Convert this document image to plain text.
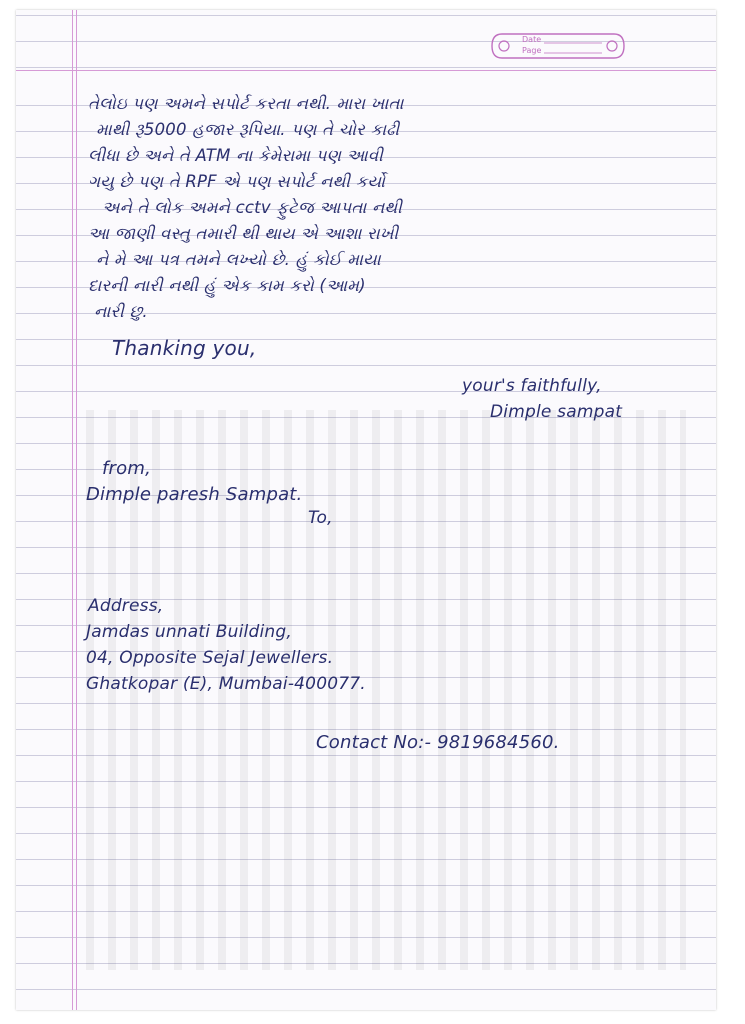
Date
Page
તેલોઇ પણ અમને સપોર્ટ કરતા નથી. મારા ખાતા
માથી રૂ5000 હજાર રૂપિયા. પણ તે ચોર કાઢી
લીધા છે અને તે ATM ના કેમેરામા પણ આવી
ગયુ છે પણ તે RPF એ પણ સપોર્ટ નથી કર્યો
અને તે લોક અમને cctv ફુટેજ આપતા નથી
આ જાણી વસ્તુ તમારી થી થાય એ આશા રાખી
ને મે આ પત્ર તમને લખ્યો છે. હું કોઈ માયા
દારની નારી નથી હું એક કામ કરો (આમ)
નારી છુ.
Thanking you,
your's faithfully,
Dimple sampat
from,
Dimple paresh Sampat.
To,
Address,
Jamdas unnati Building,
04, Opposite Sejal Jewellers.
Ghatkopar (E), Mumbai-400077.
Contact No:- 9819684560.
